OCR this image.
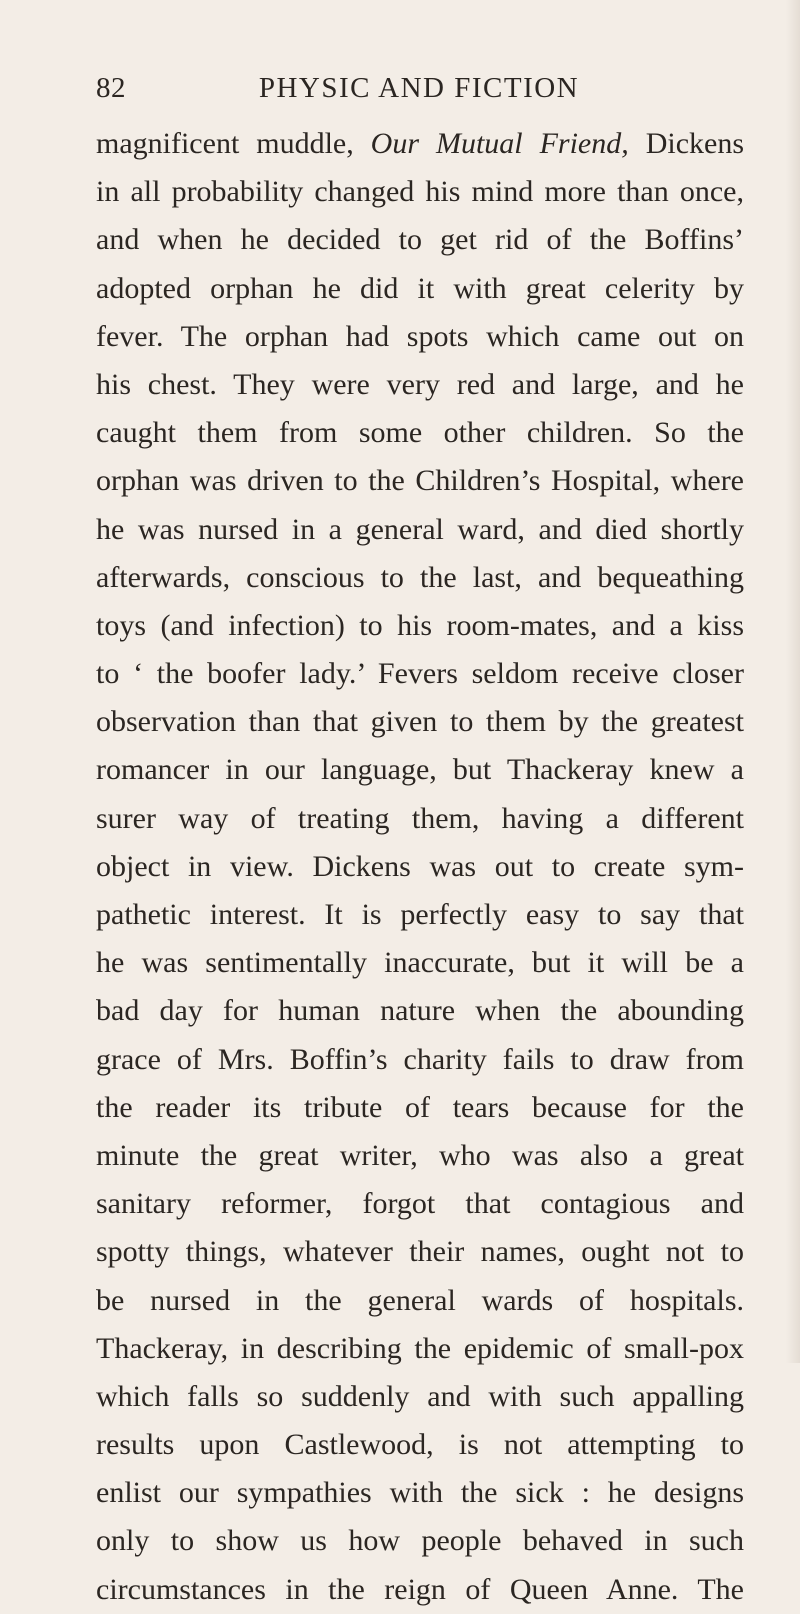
82	PHYSIC AND FICTION
magnificent muddle, Our Mutual Friend, Dickens
in all probability changed his mind more than once,
and when he decided to get rid of the Boffins’
adopted orphan he did it with great celerity by
fever. The orphan had spots which came out on
his chest. They were very red and large, and he
caught them from some other children. So the
orphan was driven to the Children’s Hospital, where
he was nursed in a general ward, and died shortly
afterwards, conscious to the last, and bequeathing
toys (and infection) to his room-mates, and a kiss
to ‘ the boofer lady.’ Fevers seldom receive closer
observation than that given to them by the greatest
romancer in our language, but Thackeray knew a
surer way of treating them, having a different
object in view. Dickens was out to create sym-
pathetic interest. It is perfectly easy to say that
he was sentimentally inaccurate, but it will be a
bad day for human nature when the abounding
grace of Mrs. Boffin’s charity fails to draw from
the reader its tribute of tears because for the
minute the great writer, who was also a great
sanitary reformer, forgot that contagious and
spotty things, whatever their names, ought not to
be nursed in the general wards of hospitals.
Thackeray, in describing the epidemic of small-pox
which falls so suddenly and with such appalling
results upon Castlewood, is not attempting to
enlist our sympathies with the sick : he designs
only to show us how people behaved in such
circumstances in the reign of Queen Anne. The
